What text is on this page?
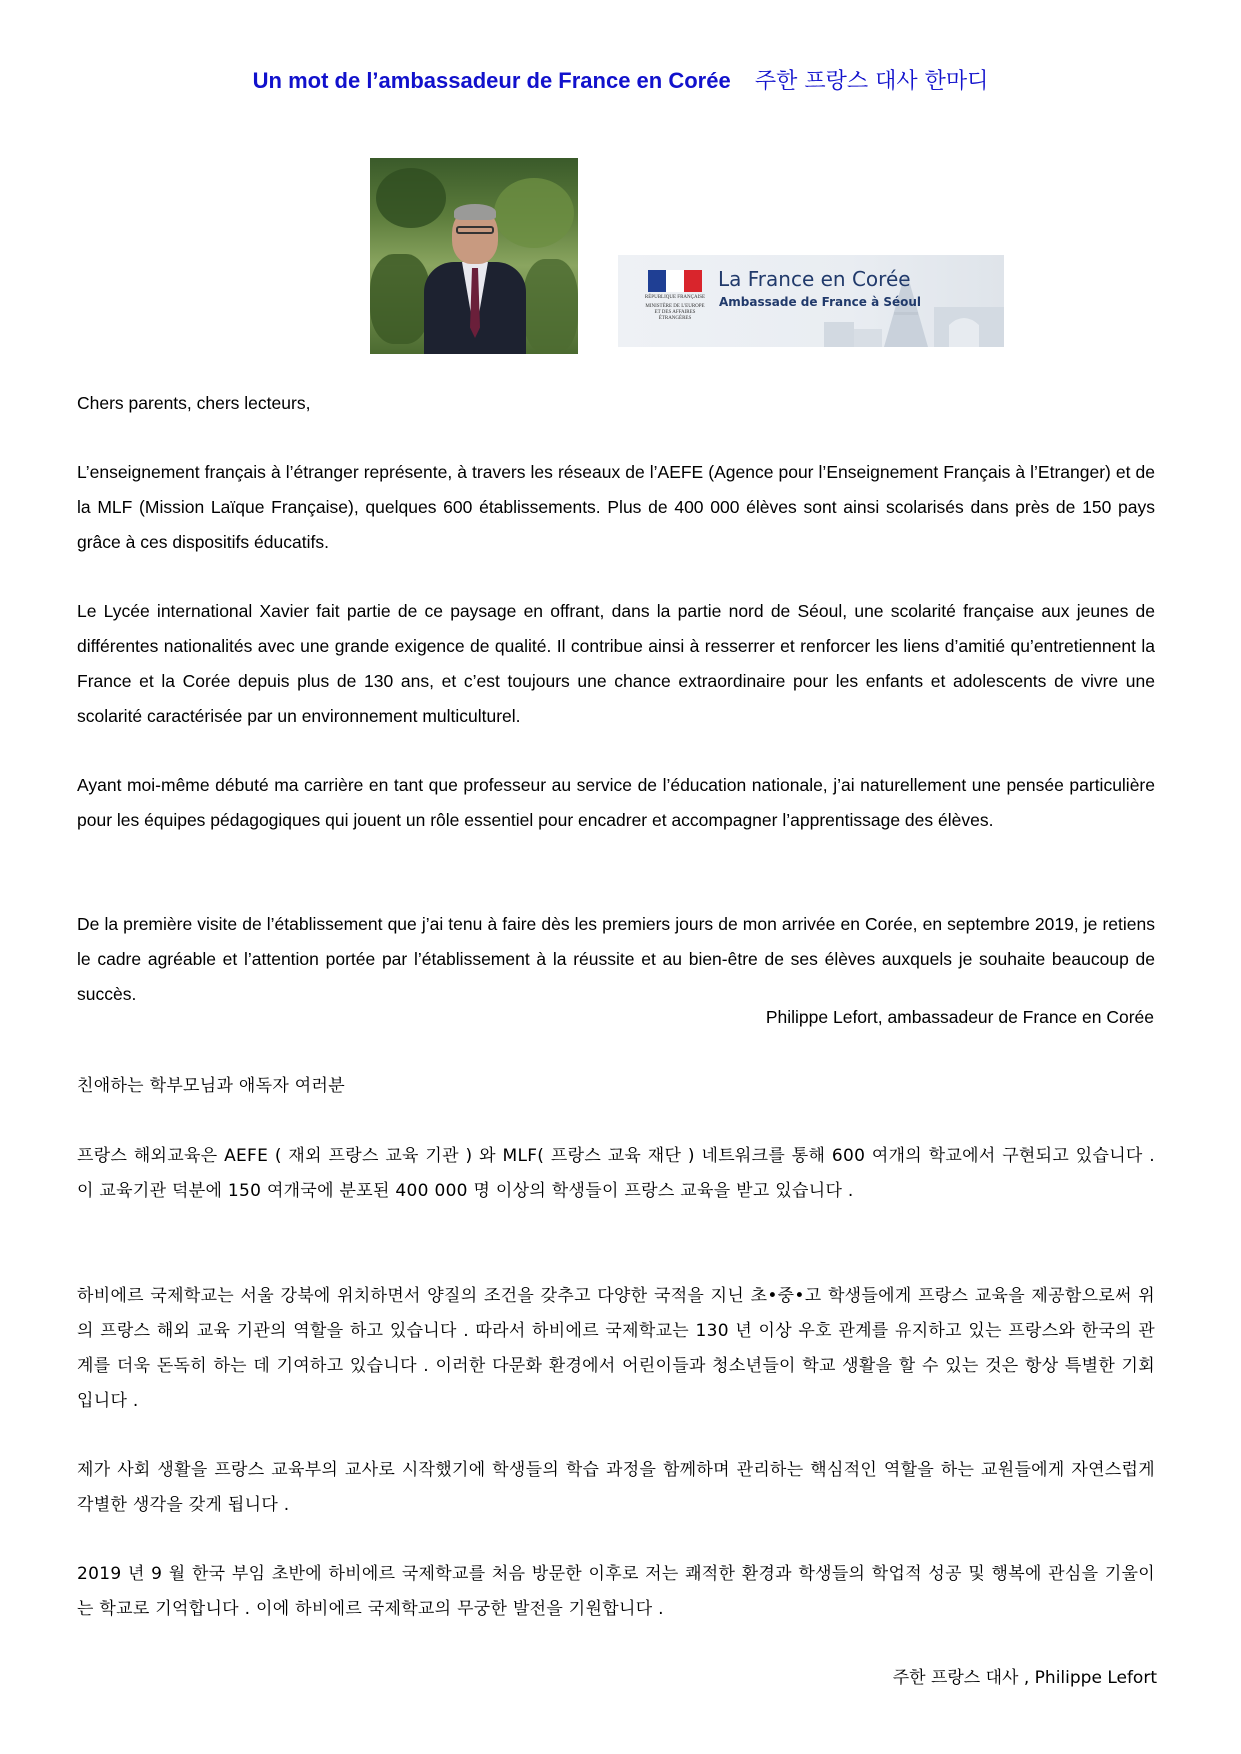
Un mot de l’ambassadeur de France en Corée 주한 프랑스 대사 한마디
RÉPUBLIQUE FRANÇAISE
MINISTÈRE DE L'EUROPE ET DES AFFAIRES ÉTRANGÈRES
La France en Corée
Ambassade de France à Séoul

Chers parents, chers lecteurs,

L’enseignement français à l’étranger représente, à travers les réseaux de l’AEFE (Agence pour l’Enseignement Français à l’Etranger) et de la MLF (Mission Laïque Française), quelques 600 établissements. Plus de 400 000 élèves sont ainsi scolarisés dans près de 150 pays grâce à ces dispositifs éducatifs.

Le Lycée international Xavier fait partie de ce paysage en offrant, dans la partie nord de Séoul, une scolarité française aux jeunes de différentes nationalités avec une grande exigence de qualité. Il contribue ainsi à resserrer et renforcer les liens d’amitié qu’entretiennent la France et la Corée depuis plus de 130 ans, et c’est toujours une chance extraordinaire pour les enfants et adolescents de vivre une scolarité caractérisée par un environnement multiculturel.

Ayant moi-même débuté ma carrière en tant que professeur au service de l’éducation nationale, j’ai naturellement une pensée particulière pour les équipes pédagogiques qui jouent un rôle essentiel pour encadrer et accompagner l’apprentissage des élèves.

De la première visite de l’établissement que j’ai tenu à faire dès les premiers jours de mon arrivée en Corée, en septembre 2019, je retiens le cadre agréable et l’attention portée par l’établissement à la réussite et au bien-être de ses élèves auxquels je souhaite beaucoup de succès.

Philippe Lefort, ambassadeur de France en Corée

친애하는 학부모님과 애독자 여러분

프랑스 해외교육은 AEFE ( 재외 프랑스 교육 기관 ) 와 MLF( 프랑스 교육 재단 ) 네트워크를 통해 600 여개의 학교에서 구현되고 있습니다 . 이 교육기관 덕분에 150 여개국에 분포된 400 000 명 이상의 학생들이 프랑스 교육을 받고 있습니다 .

하비에르 국제학교는 서울 강북에 위치하면서 양질의 조건을 갖추고 다양한 국적을 지닌 초•중•고 학생들에게 프랑스 교육을 제공함으로써 위의 프랑스 해외 교육 기관의 역할을 하고 있습니다 . 따라서 하비에르 국제학교는 130 년 이상 우호 관계를 유지하고 있는 프랑스와 한국의 관계를 더욱 돈독히 하는 데 기여하고 있습니다 . 이러한 다문화 환경에서 어린이들과 청소년들이 학교 생활을 할 수 있는 것은 항상 특별한 기회입니다 .

제가 사회 생활을 프랑스 교육부의 교사로 시작했기에 학생들의 학습 과정을 함께하며 관리하는 핵심적인 역할을 하는 교원들에게 자연스럽게 각별한 생각을 갖게 됩니다 .

2019 년 9 월 한국 부임 초반에 하비에르 국제학교를 처음 방문한 이후로 저는 쾌적한 환경과 학생들의 학업적 성공 및 행복에 관심을 기울이는 학교로 기억합니다 . 이에 하비에르 국제학교의 무궁한 발전을 기원합니다 .

주한 프랑스 대사 , Philippe Lefort
